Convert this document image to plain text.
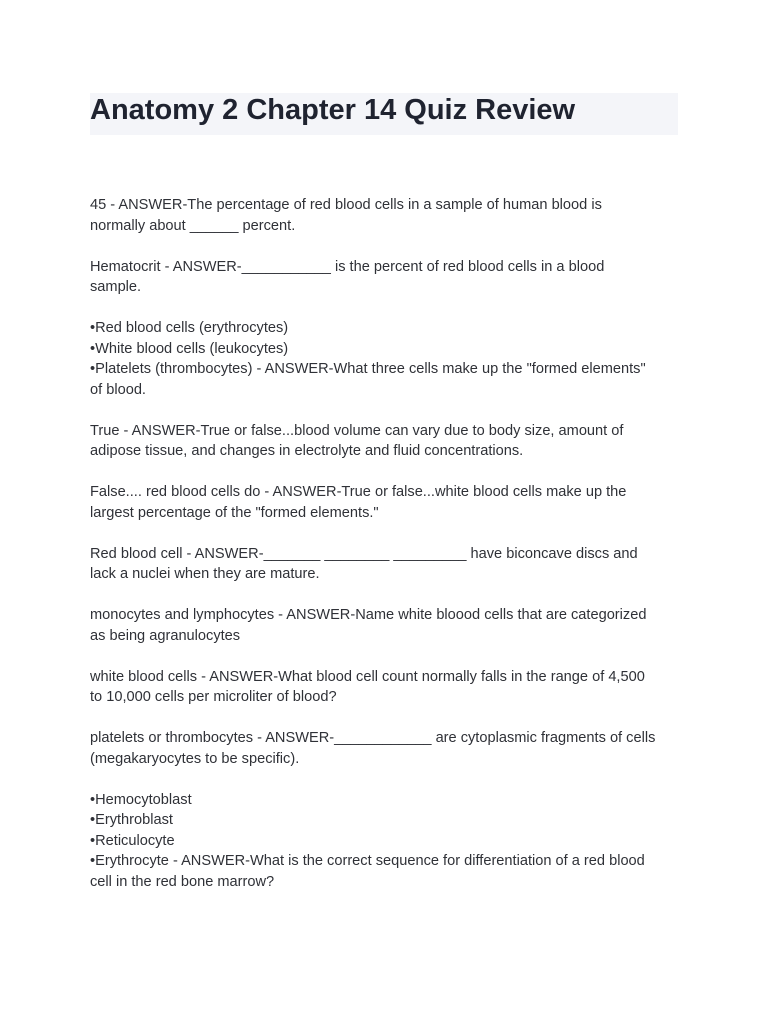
Anatomy 2 Chapter 14 Quiz Review

45 - ANSWER-The percentage of red blood cells in a sample of human blood is
normally about ______ percent.

Hematocrit - ANSWER-___________ is the percent of red blood cells in a blood
sample.

•Red blood cells (erythrocytes)
•White blood cells (leukocytes)
•Platelets (thrombocytes) - ANSWER-What three cells make up the "formed elements"
of blood.

True - ANSWER-True or false...blood volume can vary due to body size, amount of
adipose tissue, and changes in electrolyte and fluid concentrations.

False.... red blood cells do - ANSWER-True or false...white blood cells make up the
largest percentage of the "formed elements."

Red blood cell - ANSWER-_______ ________ _________ have biconcave discs and
lack a nuclei when they are mature.

monocytes and lymphocytes - ANSWER-Name white bloood cells that are categorized
as being agranulocytes

white blood cells - ANSWER-What blood cell count normally falls in the range of 4,500
to 10,000 cells per microliter of blood?

platelets or thrombocytes - ANSWER-____________ are cytoplasmic fragments of cells
(megakaryocytes to be specific).

•Hemocytoblast
•Erythroblast
•Reticulocyte
•Erythrocyte - ANSWER-What is the correct sequence for differentiation of a red blood
cell in the red bone marrow?
